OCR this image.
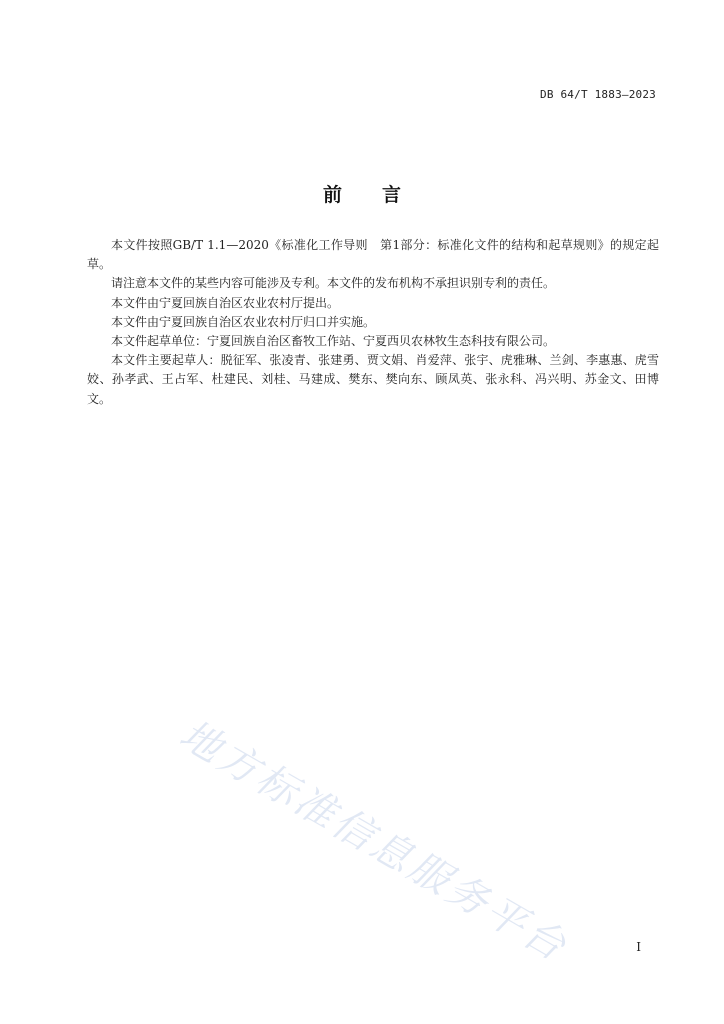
DB 64/T 1883—2023
前言

本文件按照GB/T 1.1—2020《标准化工作导则　第1部分：标准化文件的结构和起草规则》的规定起草。

请注意本文件的某些内容可能涉及专利。本文件的发布机构不承担识别专利的责任。

本文件由宁夏回族自治区农业农村厅提出。

本文件由宁夏回族自治区农业农村厅归口并实施。

本文件起草单位：宁夏回族自治区畜牧工作站、宁夏西贝农林牧生态科技有限公司。

本文件主要起草人：脱征军、张凌青、张建勇、贾文娟、肖爱萍、张宇、虎雅琳、兰剑、李惠惠、虎雪姣、孙孝武、王占军、杜建民、刘桂、马建成、樊东、樊向东、顾凤英、张永科、冯兴明、苏金文、田博文。

地方标准信息服务平台	I
